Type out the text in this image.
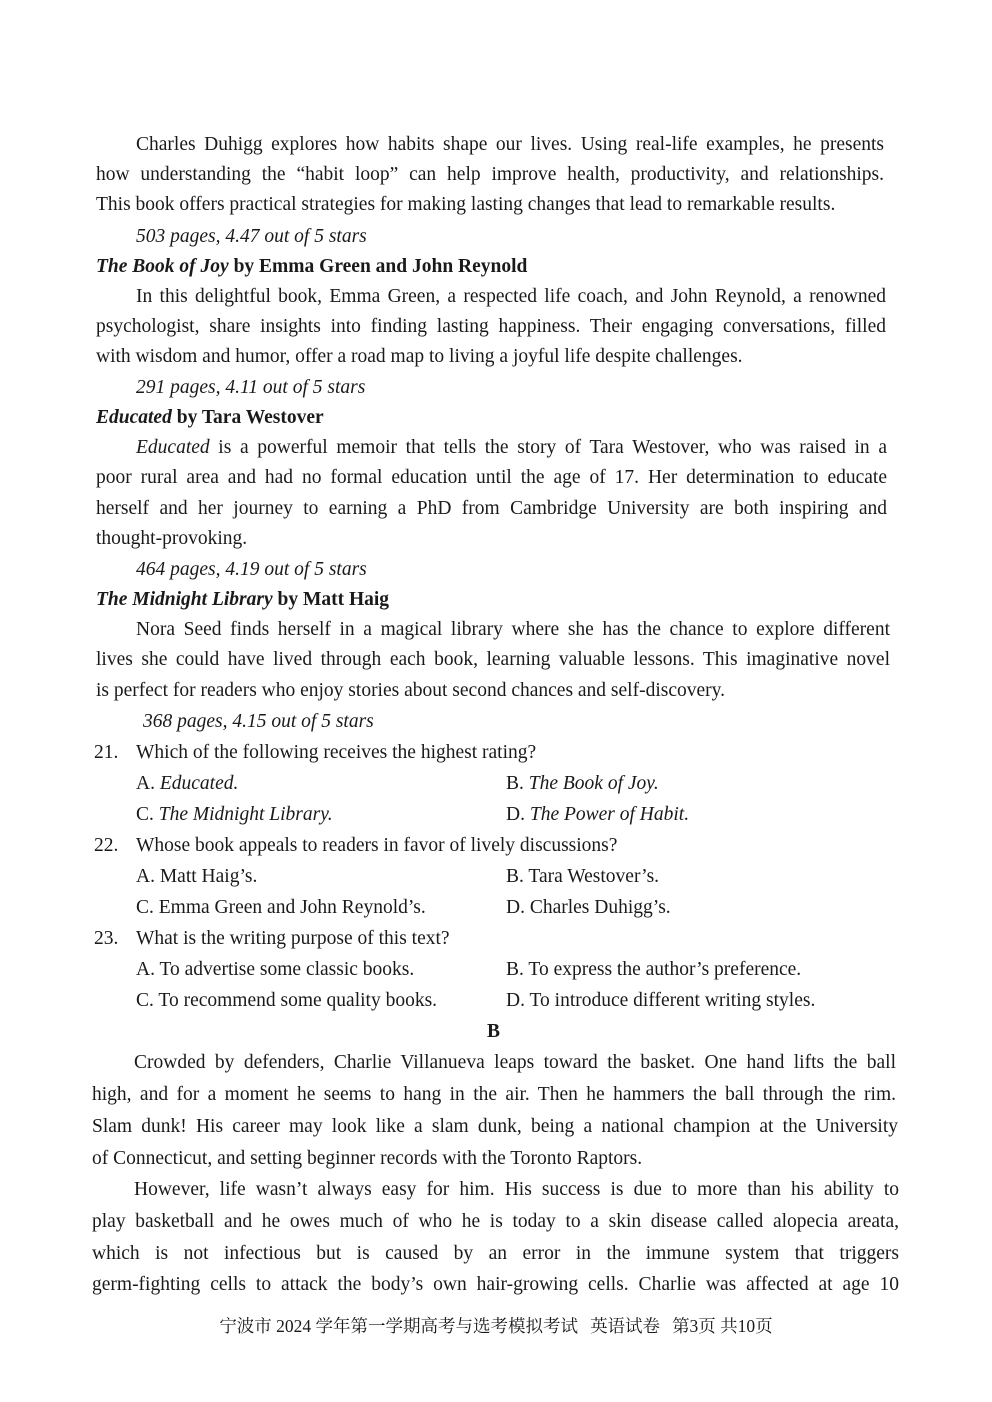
Charles Duhigg explores how habits shape our lives. Using real-life examples, he presents
how understanding the “habit loop” can help improve health, productivity, and relationships.
This book offers practical strategies for making lasting changes that lead to remarkable results.
503 pages, 4.47 out of 5 stars
The Book of Joy by Emma Green and John Reynold
In this delightful book, Emma Green, a respected life coach, and John Reynold, a renowned
psychologist, share insights into finding lasting happiness. Their engaging conversations, filled
with wisdom and humor, offer a road map to living a joyful life despite challenges.
291 pages, 4.11 out of 5 stars
Educated by Tara Westover
Educated is a powerful memoir that tells the story of Tara Westover, who was raised in a
poor rural area and had no formal education until the age of 17. Her determination to educate
herself and her journey to earning a PhD from Cambridge University are both inspiring and
thought-provoking.
464 pages, 4.19 out of 5 stars
The Midnight Library by Matt Haig
Nora Seed finds herself in a magical library where she has the chance to explore different
lives she could have lived through each book, learning valuable lessons. This imaginative novel
is perfect for readers who enjoy stories about second chances and self-discovery.
368 pages, 4.15 out of 5 stars
21. Which of the following receives the highest rating?
A. Educated.	B. The Book of Joy.
C. The Midnight Library.	D. The Power of Habit.
22. Whose book appeals to readers in favor of lively discussions?
A. Matt Haig’s.	B. Tara Westover’s.
C. Emma Green and John Reynold’s.	D. Charles Duhigg’s.
23. What is the writing purpose of this text?
A. To advertise some classic books.	B. To express the author’s preference.
C. To recommend some quality books.	D. To introduce different writing styles.
B
Crowded by defenders, Charlie Villanueva leaps toward the basket. One hand lifts the ball
high, and for a moment he seems to hang in the air. Then he hammers the ball through the rim.
Slam dunk! His career may look like a slam dunk, being a national champion at the University
of Connecticut, and setting beginner records with the Toronto Raptors.
However, life wasn’t always easy for him. His success is due to more than his ability to
play basketball and he owes much of who he is today to a skin disease called alopecia areata,
which is not infectious but is caused by an error in the immune system that triggers
germ-fighting cells to attack the body’s own hair-growing cells. Charlie was affected at age 10
宁波市 2024 学年第一学期高考与选考模拟考试 英语试卷 第3页 共10页
